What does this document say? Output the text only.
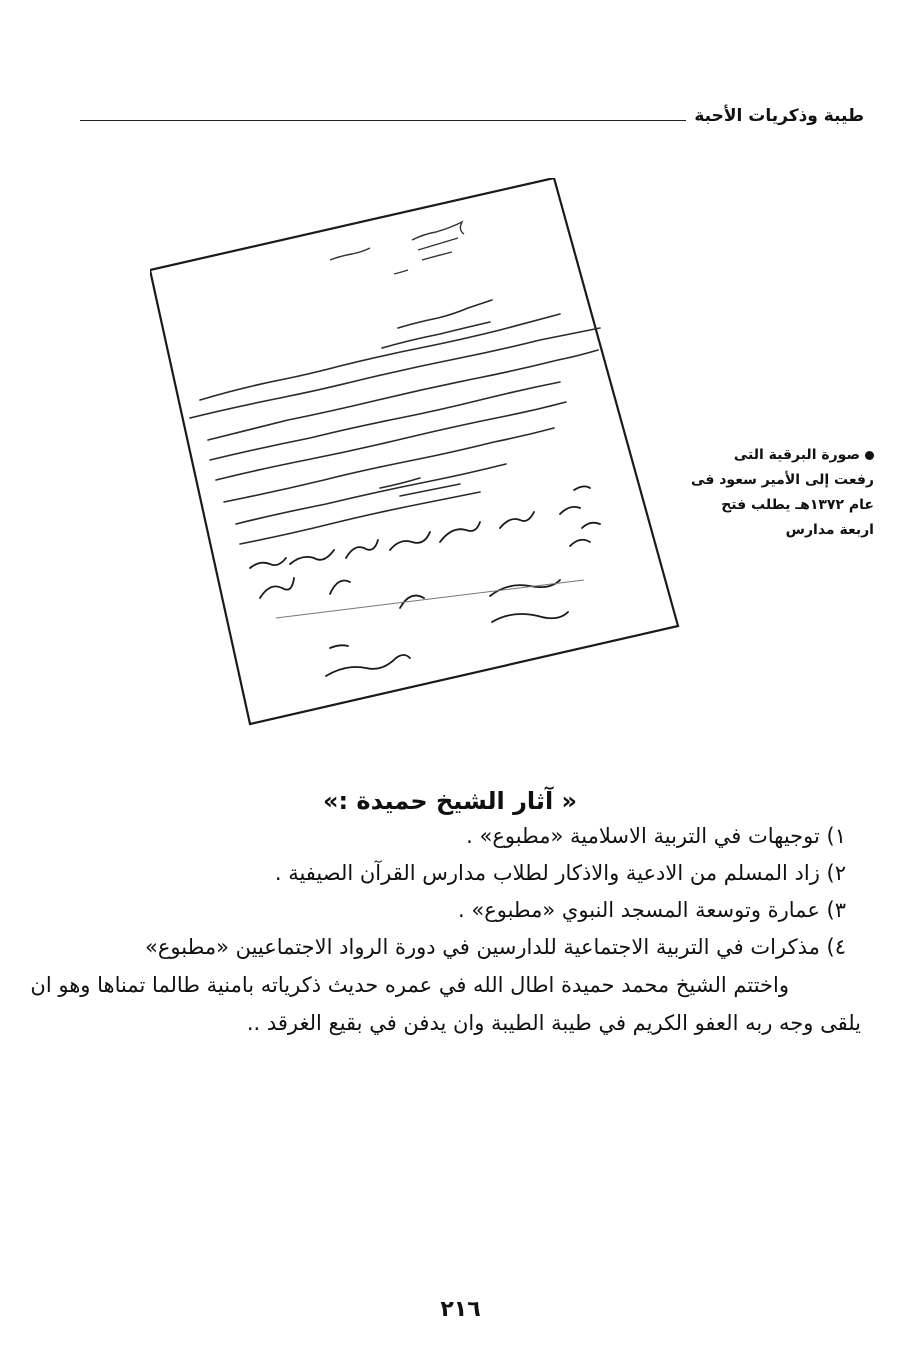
طيبة وذكريات الأحبة
صورة البرقية التى
رفعت إلى الأمير سعود فى
عام ١٣٧٢هـ يطلب فتح
اربعة مدارس
« آثار الشيخ حميدة :»
١) توجيهات في التربية الاسلامية «مطبوع» .
٢) زاد المسلم من الادعية والاذكار لطلاب مدارس القرآن الصيفية .
٣) عمارة وتوسعة المسجد النبوي «مطبوع» .
٤) مذكرات في التربية الاجتماعية للدارسين في دورة الرواد الاجتماعيين «مطبوع»

واختتم الشيخ محمد حميدة اطال الله في عمره حديث ذكرياته بامنية طالما تمناها وهو ان
يلقى وجه ربه العفو الكريم في طيبة الطيبة وان يدفن في بقيع الغرقد ..

٢١٦
